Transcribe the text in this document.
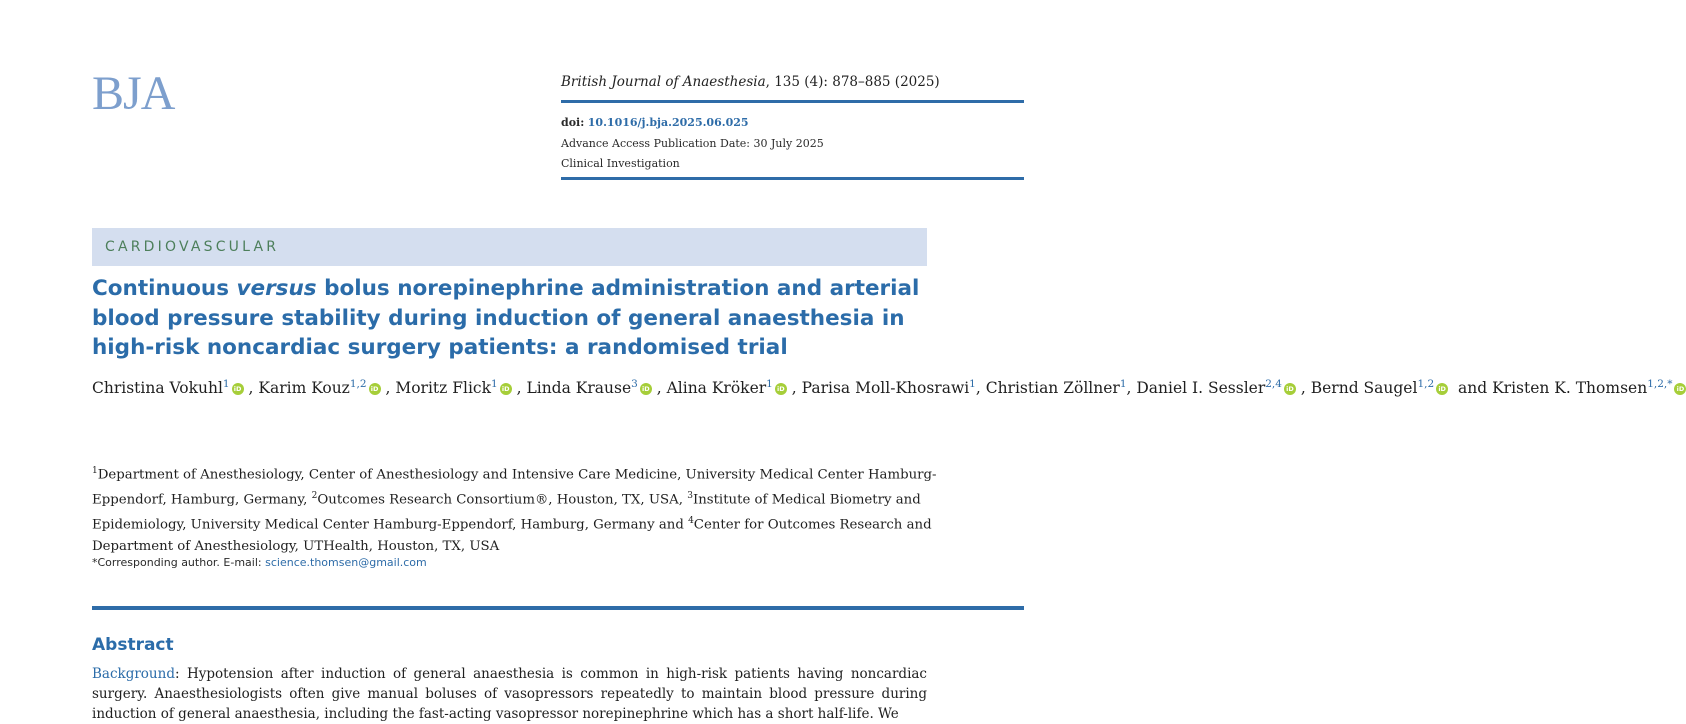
BJA	British Journal of Anaesthesia, 135 (4): 878–885 (2025)
doi: 10.1016/j.bja.2025.06.025
Advance Access Publication Date: 30 July 2025
Clinical Investigation
CARDIOVASCULAR
Continuous versus bolus norepinephrine administration and arterial blood pressure stability during induction of general anaesthesia in high-risk noncardiac surgery patients: a randomised trial
Christina Vokuhl$^1$ iD , Karim Kouz$^{1,2}$ iD , Moritz Flick$^1$ iD , Linda Krause$^3$ iD , Alina Kröker$^1$ iD , Parisa Moll-Khosrawi$^1$, Christian Zöllner$^1$, Daniel I. Sessler$^{2,4}$ iD , Bernd Saugel$^{1,2}$ iD  and Kristen K. Thomsen$^{1,2,*}$ iD
$^1$Department of Anesthesiology, Center of Anesthesiology and Intensive Care Medicine, University Medical Center Hamburg-Eppendorf, Hamburg, Germany, $^2$Outcomes Research Consortium®, Houston, TX, USA, $^3$Institute of Medical Biometry and Epidemiology, University Medical Center Hamburg-Eppendorf, Hamburg, Germany and $^4$Center for Outcomes Research and Department of Anesthesiology, UTHealth, Houston, TX, USA
*Corresponding author. E-mail: science.thomsen@gmail.com
Abstract

Background: Hypotension after induction of general anaesthesia is common in high-risk patients having noncardiac surgery. Anaesthesiologists often give manual boluses of vasopressors repeatedly to maintain blood pressure during induction of general anaesthesia, including the fast-acting vasopressor norepinephrine which has a short half-life. We
